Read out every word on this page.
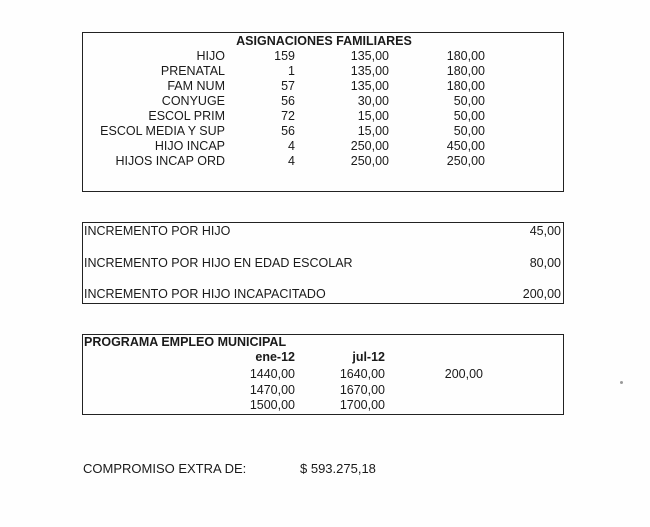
ASIGNACIONES FAMILIARES
HIJO	159	135,00	180,00
PRENATAL	1	135,00	180,00
FAM NUM	57	135,00	180,00
CONYUGE	56	30,00	50,00
ESCOL PRIM	72	15,00	50,00
ESCOL MEDIA Y SUP	56	15,00	50,00
HIJO INCAP	4	250,00	450,00
HIJOS INCAP ORD	4	250,00	250,00
INCREMENTO POR HIJO	45,00
INCREMENTO POR HIJO EN EDAD ESCOLAR	80,00
INCREMENTO POR HIJO INCAPACITADO	200,00
PROGRAMA EMPLEO MUNICIPAL
ene-12	jul-12
1440,00	1640,00	200,00
1470,00	1670,00
1500,00	1700,00
COMPROMISO EXTRA DE:	$ 593.275,18
